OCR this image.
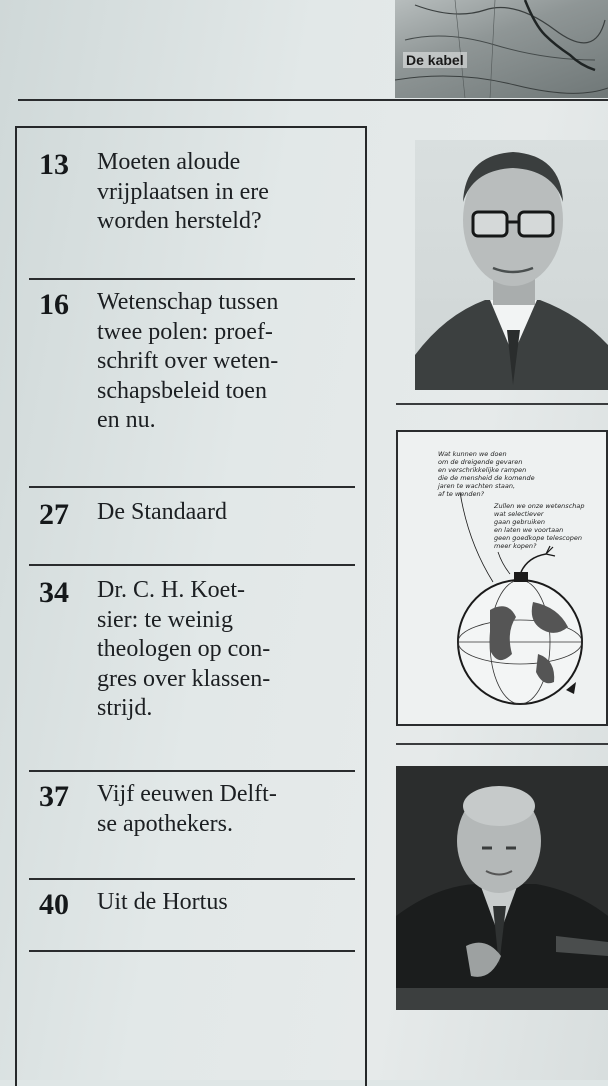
De kabel
13 Moeten aloude
vrijplaatsen in ere
worden hersteld?
16 Wetenschap tussen
twee polen: proef-
schrift over weten-
schapsbeleid toen
en nu.
27 De Standaard
34 Dr. C. H. Koet-
sier: te weinig
theologen op con-
gres over klassen-
strijd.
37 Vijf eeuwen Delft-
se apothekers.
40 Uit de Hortus
Wat kunnen we doen
om de dreigende gevaren
en verschrikkelijke rampen
die de mensheid de komende
jaren te wachten staan,
af te wenden?
Zullen we onze wetenschap
wat selectiever
gaan gebruiken
en laten we voortaan
geen goedkope telescopen
meer kopen?
